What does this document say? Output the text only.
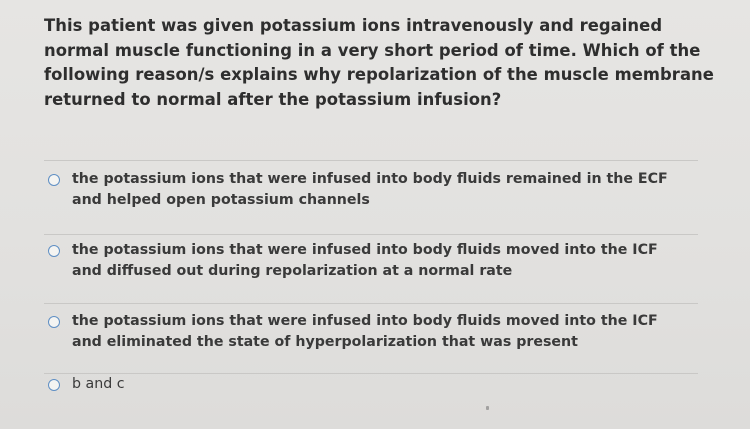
This patient was given potassium ions intravenously and regained normal muscle functioning in a very short period of time. Which of the following reason/s explains why repolarization of the muscle membrane returned to normal after the potassium infusion?
the potassium ions that were infused into body fluids remained in the ECF and helped open potassium channels
the potassium ions that were infused into body fluids moved into the ICF and diffused out during repolarization at a normal rate
the potassium ions that were infused into body fluids moved into the ICF and eliminated the state of hyperpolarization that was present
b and c
